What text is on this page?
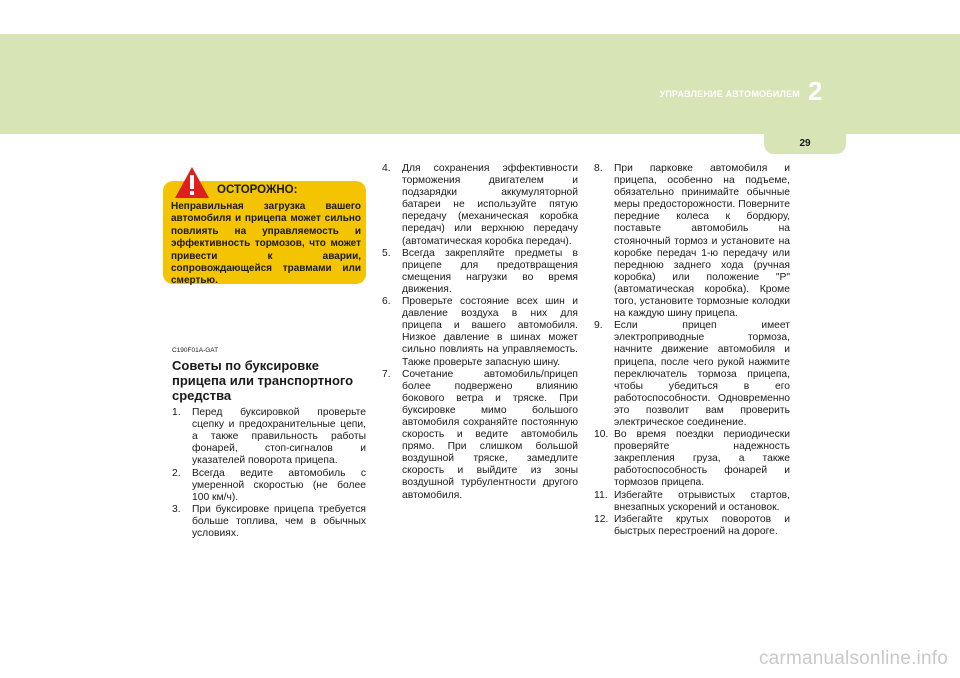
УПРАВЛЕНИЕ АВТОМОБИЛЕМ 2
29
Неправильная загрузка вашего автомобиля и прицепа может сильно повлиять на управляемость и эффективность тормозов, что может привести к аварии, сопровождающейся травмами или смертью.
ОСТОРОЖНО:
C190F01A-GAT
Советы по буксировке прицепа или транспортного средства
1. Перед буксировкой проверьте сцепку и предохранительные цепи, а также правильность работы фонарей, стоп-сигналов и указателей поворота прицепа.
2. Всегда ведите автомобиль с умеренной скоростью (не более 100 км/ч).
3. При буксировке прицепа требуется больше топлива, чем в обычных условиях.
4. Для сохранения эффективности торможения двигателем и подзарядки аккумуляторной батареи не используйте пятую передачу (механическая коробка передач) или верхнюю передачу (автоматическая коробка передач).
5. Всегда закрепляйте предметы в прицепе для предотвращения смещения нагрузки во время движения.
6. Проверьте состояние всех шин и давление воздуха в них для прицепа и вашего автомобиля. Низкое давление в шинах может сильно повлиять на управляемость. Также проверьте запасную шину.
7. Сочетание автомобиль/прицеп более подвержено влиянию бокового ветра и тряске. При буксировке мимо большого автомобиля сохраняйте постоянную скорость и ведите автомобиль прямо. При слишком большой воздушной тряске, замедлите скорость и выйдите из зоны воздушной турбулентности другого автомобиля.
8. При парковке автомобиля и прицепа, особенно на подъеме, обязательно принимайте обычные меры предосторожности. Поверните передние колеса к бордюру, поставьте автомобиль на стояночный тормоз и установите на коробке передач 1-ю передачу или переднюю заднего хода (ручная коробка) или положение "P" (автоматическая коробка). Кроме того, установите тормозные колодки на каждую шину прицепа.
9. Если прицеп имеет электроприводные тормоза, начните движение автомобиля и прицепа, после чего рукой нажмите переключатель тормоза прицепа, чтобы убедиться в его работоспособности. Одновременно это позволит вам проверить электрическое соединение.
10. Во время поездки периодически проверяйте надежность закрепления груза, а также работоспособность фонарей и тормозов прицепа.
11. Избегайте отрывистых стартов, внезапных ускорений и остановок.
12. Избегайте крутых поворотов и быстрых перестроений на дороге.
carmanualsonline.info
